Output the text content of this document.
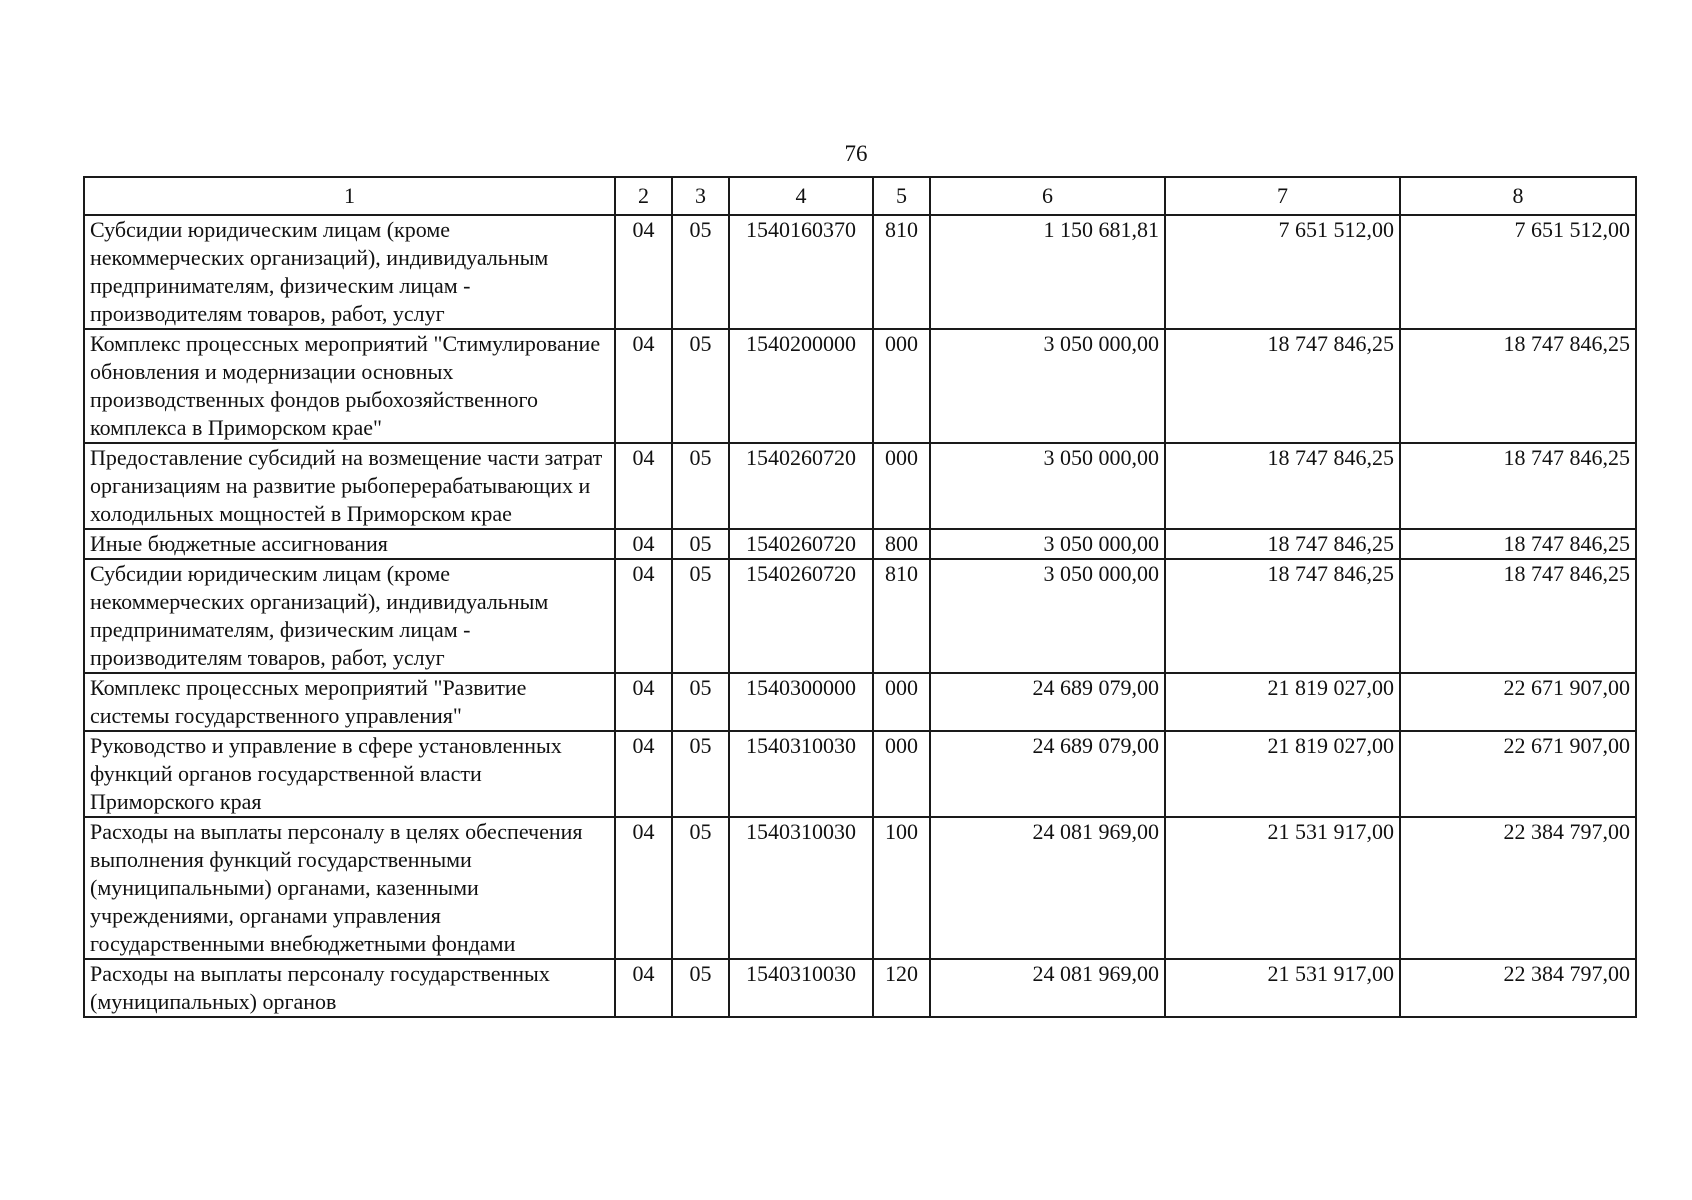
76
1	2	3	4	5	6	7	8
Субсидии юридическим лицам (кроме некоммерческих организаций), индивидуальным предпринимателям, физическим лицам - производителям товаров, работ, услуг	04	05	1540160370	810	1 150 681,81	7 651 512,00	7 651 512,00
Комплекс процессных мероприятий "Стимулирование обновления и модернизации основных производственных фондов рыбохозяйственного комплекса в Приморском крае"	04	05	1540200000	000	3 050 000,00	18 747 846,25	18 747 846,25
Предоставление субсидий на возмещение части затрат организациям на развитие рыбоперерабатывающих и холодильных мощностей в Приморском крае	04	05	1540260720	000	3 050 000,00	18 747 846,25	18 747 846,25
Иные бюджетные ассигнования	04	05	1540260720	800	3 050 000,00	18 747 846,25	18 747 846,25
Субсидии юридическим лицам (кроме некоммерческих организаций), индивидуальным предпринимателям, физическим лицам - производителям товаров, работ, услуг	04	05	1540260720	810	3 050 000,00	18 747 846,25	18 747 846,25
Комплекс процессных мероприятий "Развитие системы государственного управления"	04	05	1540300000	000	24 689 079,00	21 819 027,00	22 671 907,00
Руководство и управление в сфере установленных функций органов государственной власти Приморского края	04	05	1540310030	000	24 689 079,00	21 819 027,00	22 671 907,00
Расходы на выплаты персоналу в целях обеспечения выполнения функций государственными (муниципальными) органами, казенными учреждениями, органами управления государственными внебюджетными фондами	04	05	1540310030	100	24 081 969,00	21 531 917,00	22 384 797,00
Расходы на выплаты персоналу государственных (муниципальных) органов	04	05	1540310030	120	24 081 969,00	21 531 917,00	22 384 797,00
